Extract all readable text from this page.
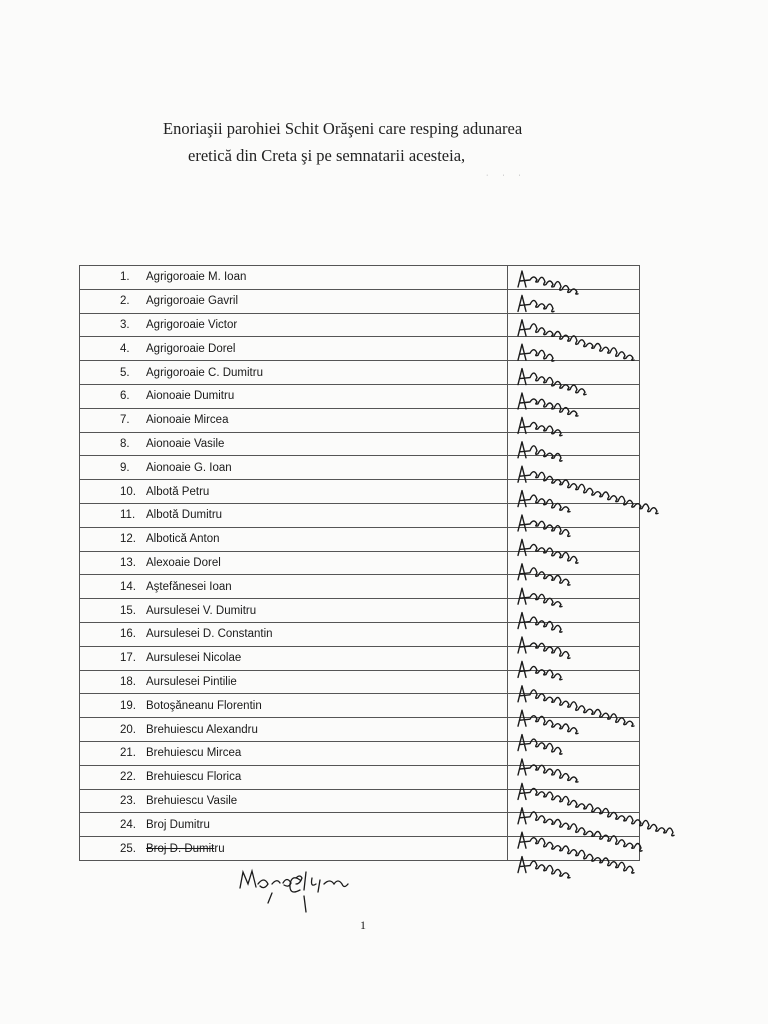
Enoriaşii parohiei Schit Orăşeni care resping adunarea
eretică din Creta şi pe semnatarii acesteia,
· · ·
1. Agrigoroaie M. Ioan	
2. Agrigoroaie Gavril	
3. Agrigoroaie Victor	
4. Agrigoroaie Dorel	
5. Agrigoroaie C. Dumitru	
6. Aionoaie Dumitru	
7. Aionoaie Mircea	
8. Aionoaie Vasile	
9. Aionoaie G. Ioan	
10. Albotă Petru	
11. Albotă Dumitru	
12. Albotică Anton	
13. Alexoaie Dorel	
14. Aştefănesei Ioan	
15. Aursulesei V. Dumitru	
16. Aursulesei D. Constantin	
17. Aursulesei Nicolae	
18. Aursulesei Pintilie	
19. Botoşăneanu Florentin	
20. Brehuiescu Alexandru	
21. Brehuiescu Mircea	
22. Brehuiescu Florica	
23. Brehuiescu Vasile	
24. Broj Dumitru	
25. Broj D. Dumitru	
1
